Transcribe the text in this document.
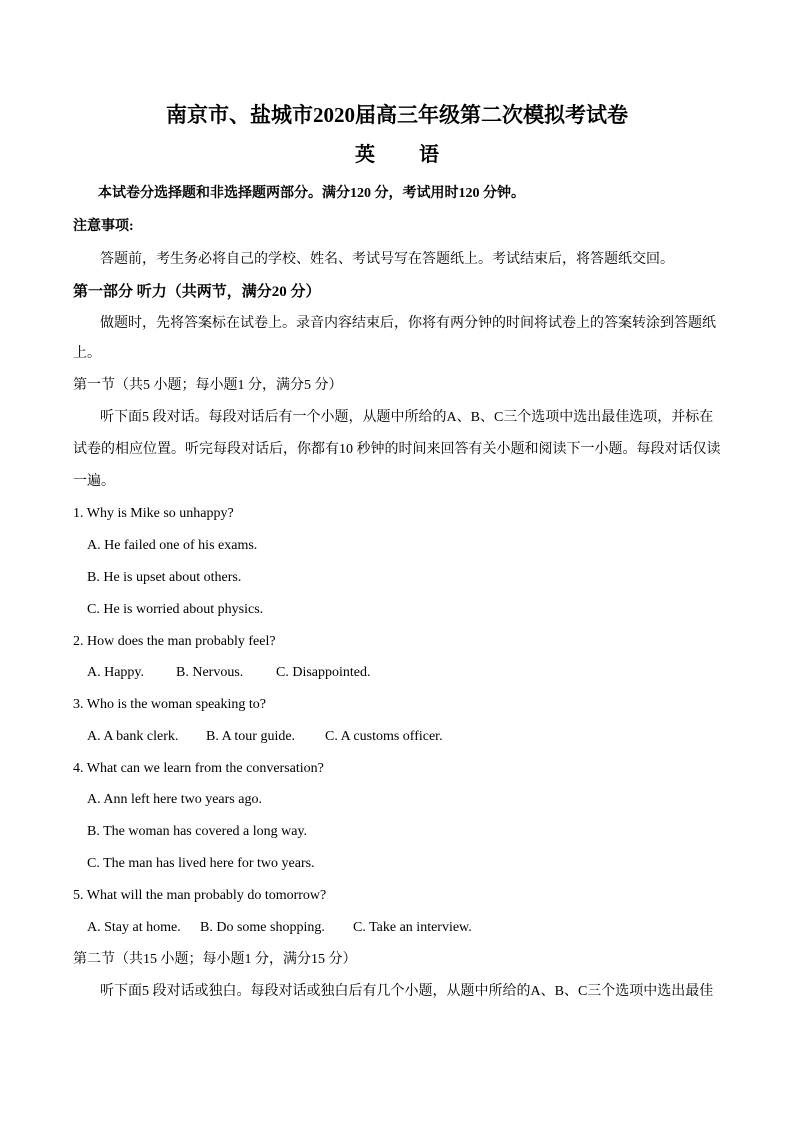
南京市、盐城市2020届高三年级第二次模拟考试卷
英 语
本试卷分选择题和非选择题两部分。满分120 分，考试用时120 分钟。
注意事项:
答题前，考生务必将自己的学校、姓名、考试号写在答题纸上。考试结束后，将答题纸交回。
第一部分 听力（共两节，满分20 分）
做题时，先将答案标在试卷上。录音内容结束后，你将有两分钟的时间将试卷上的答案转涂到答题纸
上。
第一节（共5 小题；每小题1 分，满分5 分）
听下面5 段对话。每段对话后有一个小题，从题中所给的A、B、C三个选项中选出最佳选项，并标在
试卷的相应位置。听完每段对话后，你都有10 秒钟的时间来回答有关小题和阅读下一小题。每段对话仅读
一遍。
1. Why is Mike so unhappy?
A. He failed one of his exams.
B. He is upset about others.
C. He is worried about physics.
2. How does the man probably feel?
A. Happy. B. Nervous. C. Disappointed.
3. Who is the woman speaking to?
A. A bank clerk. B. A tour guide. C. A customs officer.
4. What can we learn from the conversation?
A. Ann left here two years ago.
B. The woman has covered a long way.
C. The man has lived here for two years.
5. What will the man probably do tomorrow?
A. Stay at home. B. Do some shopping. C. Take an interview.
第二节（共15 小题；每小题1 分，满分15 分）
听下面5 段对话或独白。每段对话或独白后有几个小题，从题中所给的A、B、C三个选项中选出最佳
